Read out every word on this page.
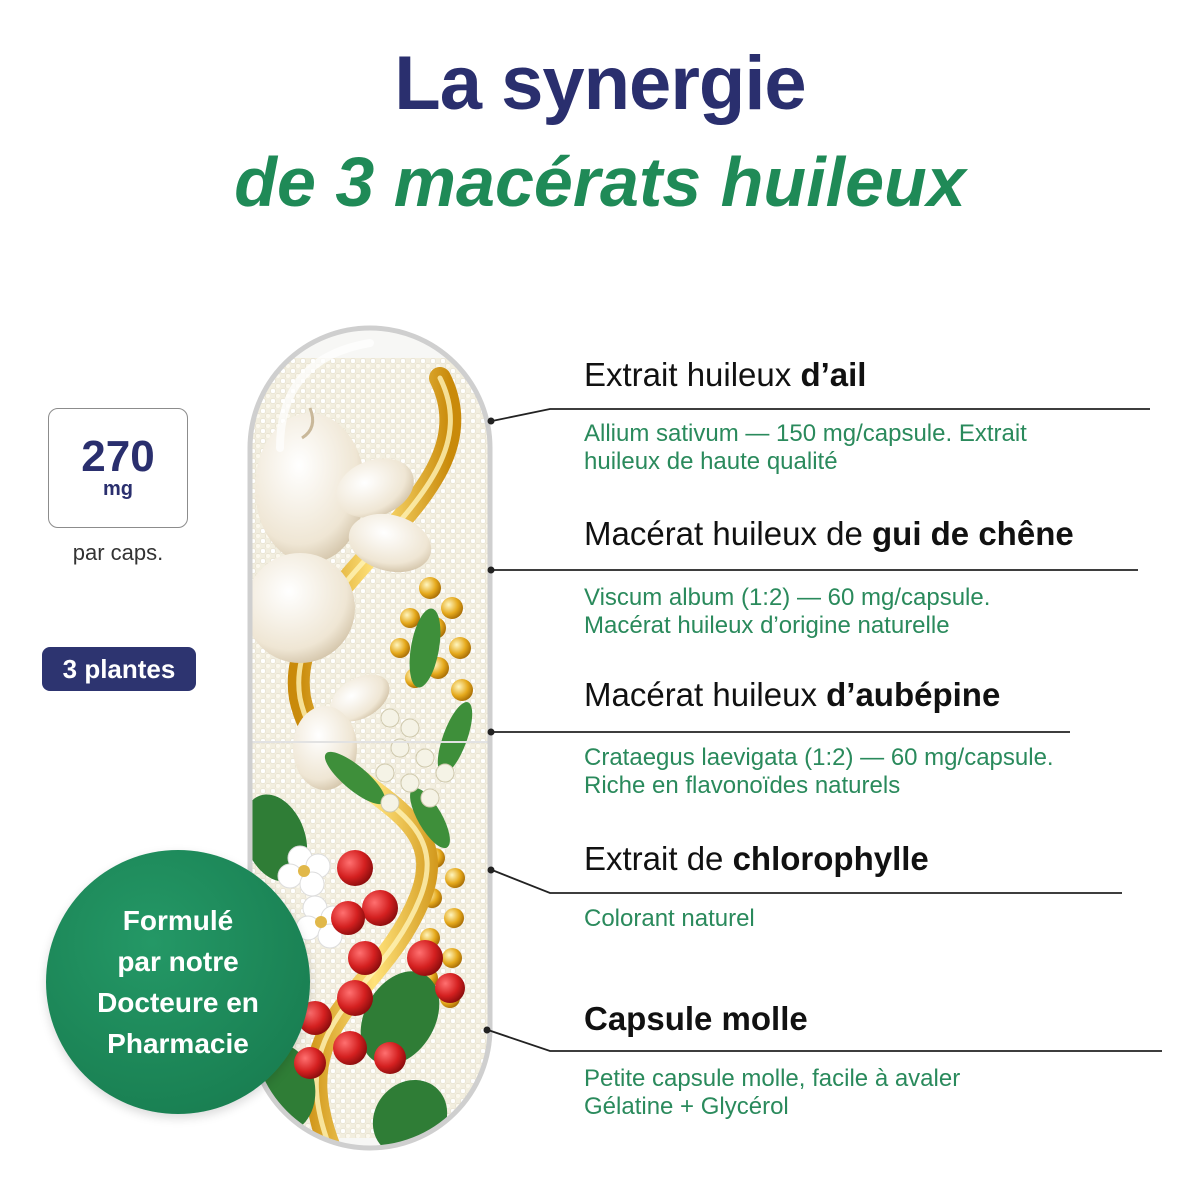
La synergie
de 3 macérats huileux
270
mg
par caps.
3 plantes
Extrait huileux d’ail
Allium sativum — 150 mg/capsule. Extrait
huileux de haute qualité
Macérat huileux de gui de chêne
Viscum album (1:2) — 60 mg/capsule.
Macérat huileux d’origine naturelle
Macérat huileux d’aubépine
Crataegus laevigata (1:2) — 60 mg/capsule.
Riche en flavonoïdes naturels
Extrait de chlorophylle
Colorant naturel
Capsule molle
Petite capsule molle, facile à avaler
Gélatine + Glycérol
Formulé
par notre
Docteure en
Pharmacie
